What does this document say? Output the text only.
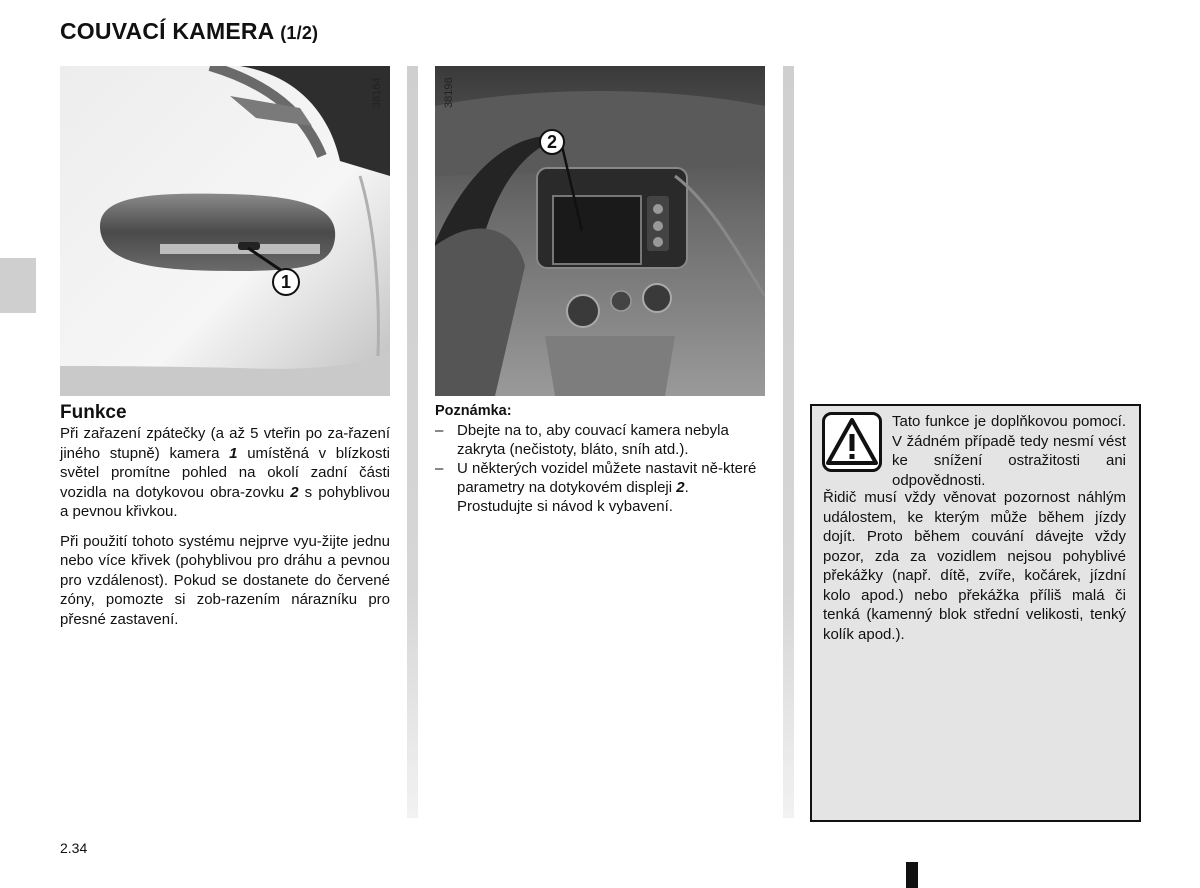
COUVACÍ KAMERA (1/2)
1
38164
2
38198
Funkce

Při zařazení zpátečky (a až 5 vteřin po za-řazení jiného stupně) kamera 1 umístěná v blízkosti světel promítne pohled na okolí zadní části vozidla na dotykovou obra-zovku 2 s pohyblivou a pevnou křivkou.

Při použití tohoto systému nejprve vyu-žijte jednu nebo více křivek (pohyblivou pro dráhu a pevnou pro vzdálenost). Pokud se dostanete do červené zóny, pomozte si zob-razením nárazníku pro přesné zastavení.

Poznámka:
– Dbejte na to, aby couvací kamera nebyla zakryta (nečistoty, bláto, sníh atd.).
– U některých vozidel můžete nastavit ně-které parametry na dotykovém displeji 2. Prostudujte si návod k vybavení.
Tato funkce je doplňkovou pomocí. V žádném případě tedy nesmí vést ke snížení ostražitosti ani odpovědnosti.
Řidič musí vždy věnovat pozornost náhlým událostem, ke kterým může během jízdy dojít. Proto během couvání dávejte vždy pozor, zda za vozidlem nejsou pohyblivé překážky (např. dítě, zvíře, kočárek, jízdní kolo apod.) nebo překážka příliš malá či tenká (kamenný blok střední velikosti, tenký kolík apod.).
2.34
